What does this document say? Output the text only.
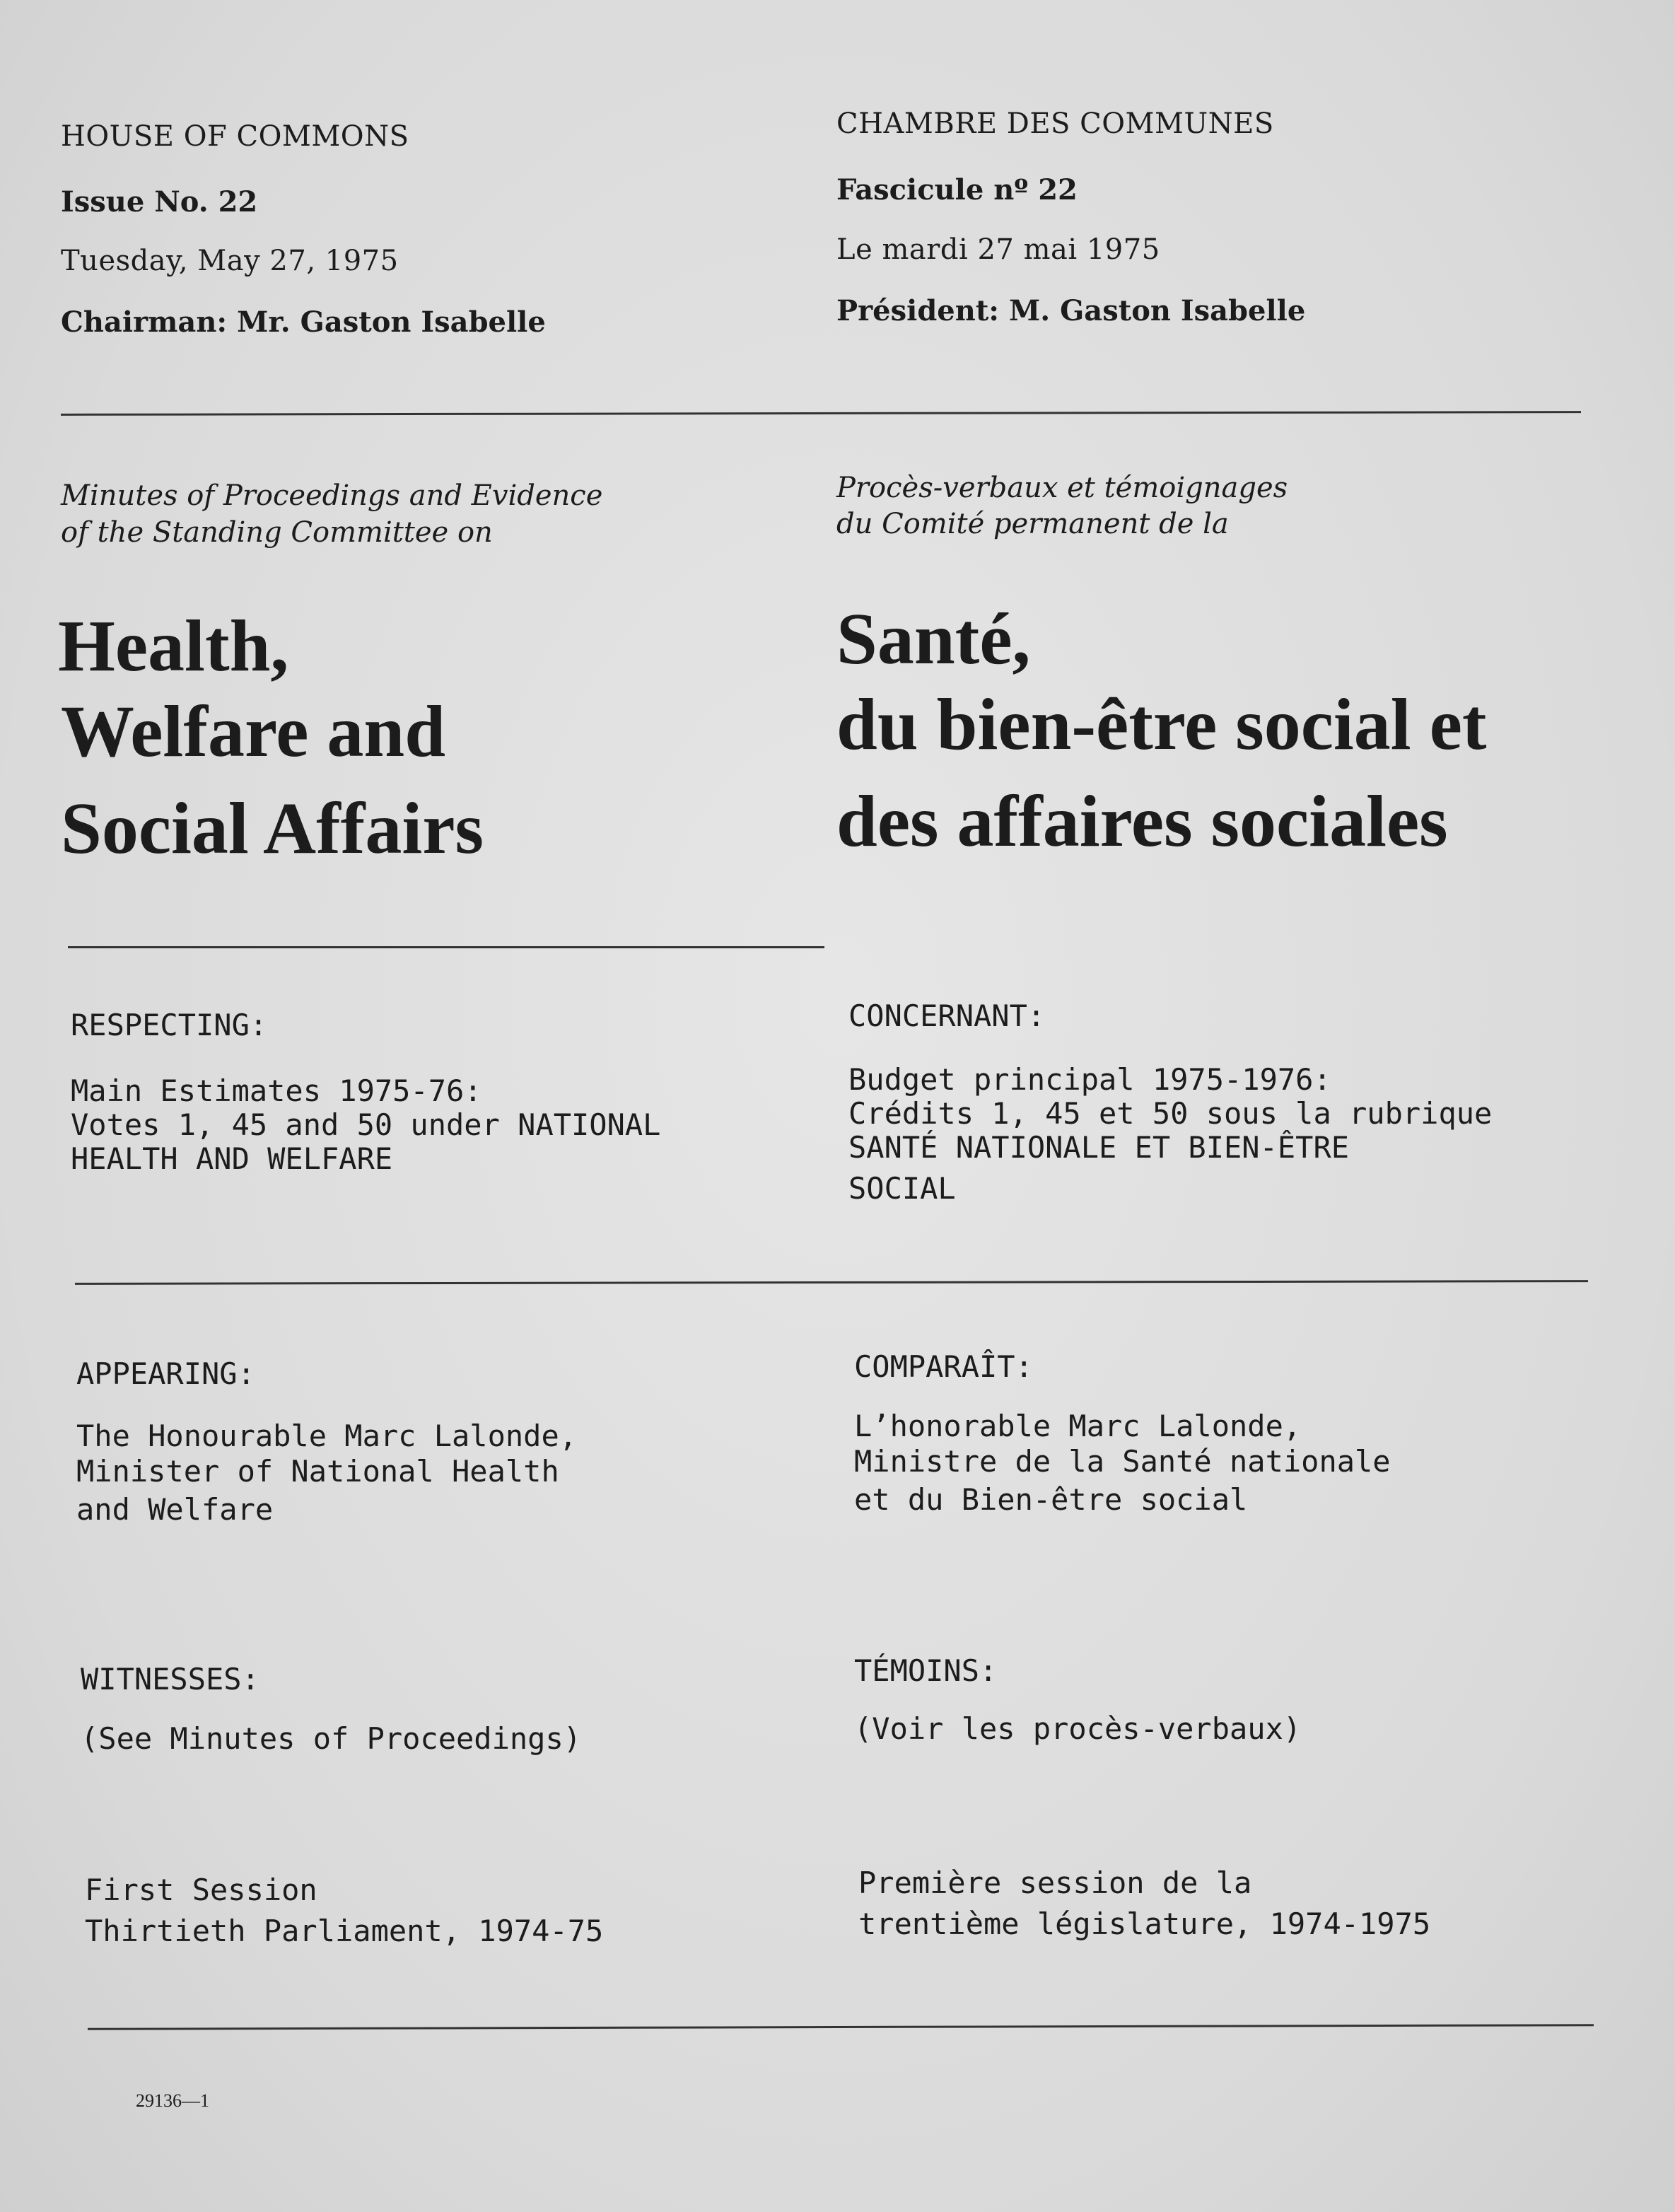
HOUSE OF COMMONS
Issue No. 22
Tuesday, May 27, 1975
Chairman: Mr. Gaston Isabelle
CHAMBRE DES COMMUNES
Fascicule nº 22
Le mardi 27 mai 1975
Président: M. Gaston Isabelle
Minutes of Proceedings and Evidence
of the Standing Committee on
Procès-verbaux et témoignages
du Comité permanent de la
Health,
Welfare and
Social Affairs
Santé,
du bien-être social et
des affaires sociales
RESPECTING:
Main Estimates 1975-76:
Votes 1, 45 and 50 under NATIONAL
HEALTH AND WELFARE
CONCERNANT:
Budget principal 1975-1976:
Crédits 1, 45 et 50 sous la rubrique
SANTÉ NATIONALE ET BIEN-ÊTRE
SOCIAL
APPEARING:
The Honourable Marc Lalonde,
Minister of National Health
and Welfare
COMPARAÎT:
L’honorable Marc Lalonde,
Ministre de la Santé nationale
et du Bien-être social
WITNESSES:
(See Minutes of Proceedings)
TÉMOINS:
(Voir les procès-verbaux)
First Session
Thirtieth Parliament, 1974-75
Première session de la
trentième législature, 1974-1975
29136—1
